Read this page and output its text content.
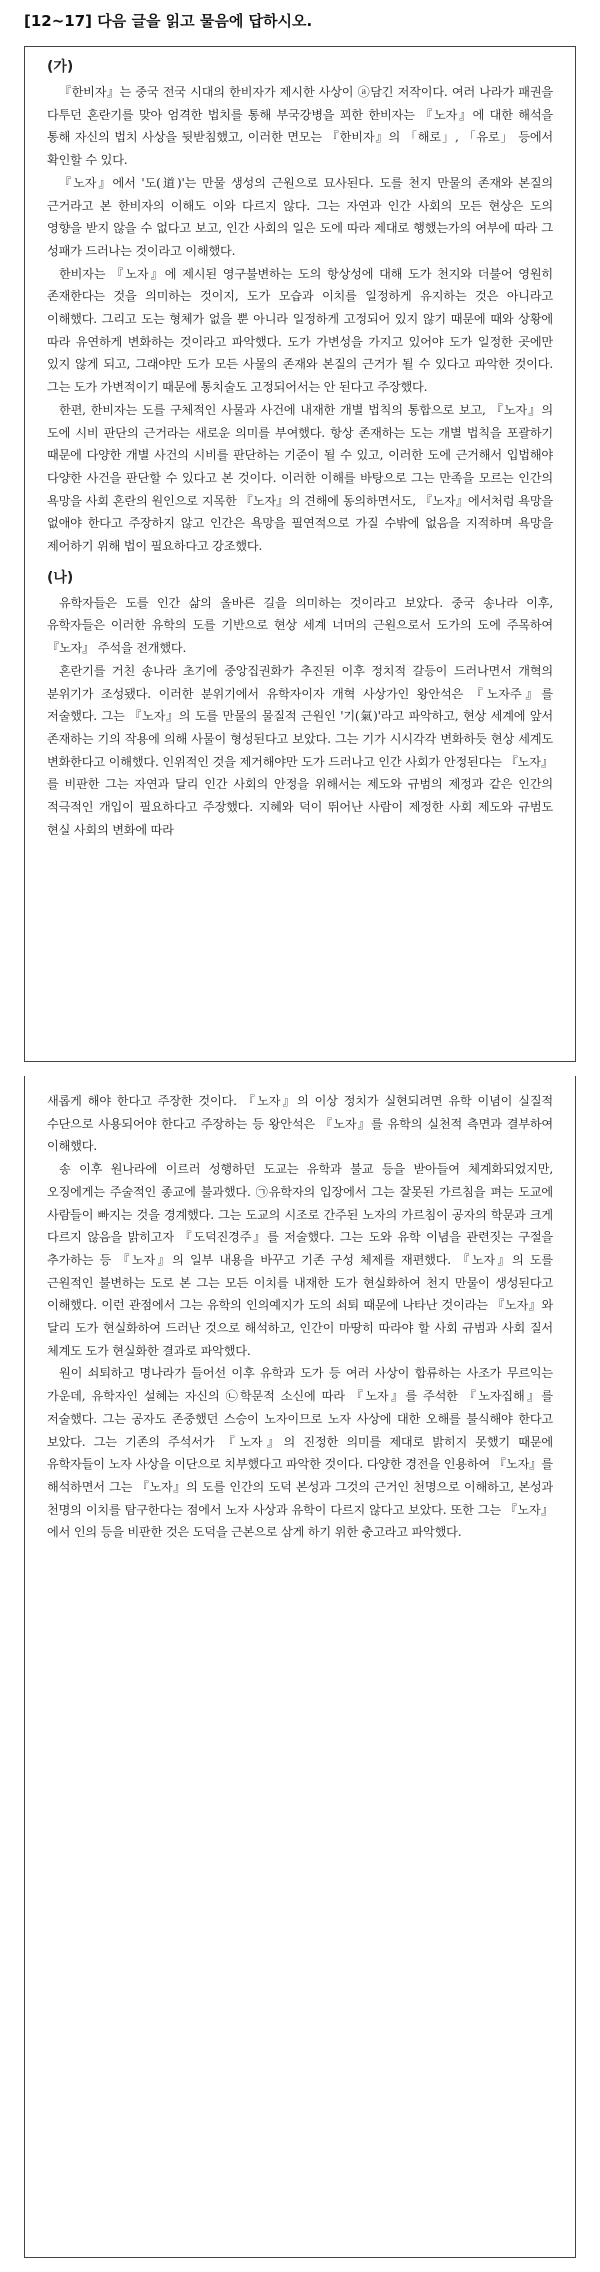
[12~17] 다음 글을 읽고 물음에 답하시오.
(가)

『한비자』는 중국 전국 시대의 한비자가 제시한 사상이 ⓐ담긴 저작이다. 여러 나라가 패권을 다투던 혼란기를 맞아 엄격한 법치를 통해 부국강병을 꾀한 한비자는 『노자』에 대한 해석을 통해 자신의 법치 사상을 뒷받침했고, 이러한 면모는 『한비자』의 「해로」, 「유로」 등에서 확인할 수 있다.

『노자』에서 '도(道)'는 만물 생성의 근원으로 묘사된다. 도를 천지 만물의 존재와 본질의 근거라고 본 한비자의 이해도 이와 다르지 않다. 그는 자연과 인간 사회의 모든 현상은 도의 영향을 받지 않을 수 없다고 보고, 인간 사회의 일은 도에 따라 제대로 행했는가의 여부에 따라 그 성패가 드러나는 것이라고 이해했다.

한비자는 『노자』에 제시된 영구불변하는 도의 항상성에 대해 도가 천지와 더불어 영원히 존재한다는 것을 의미하는 것이지, 도가 모습과 이치를 일정하게 유지하는 것은 아니라고 이해했다. 그리고 도는 형체가 없을 뿐 아니라 일정하게 고정되어 있지 않기 때문에 때와 상황에 따라 유연하게 변화하는 것이라고 파악했다. 도가 가변성을 가지고 있어야 도가 일정한 곳에만 있지 않게 되고, 그래야만 도가 모든 사물의 존재와 본질의 근거가 될 수 있다고 파악한 것이다. 그는 도가 가변적이기 때문에 통치술도 고정되어서는 안 된다고 주장했다.

한편, 한비자는 도를 구체적인 사물과 사건에 내재한 개별 법칙의 통합으로 보고, 『노자』의 도에 시비 판단의 근거라는 새로운 의미를 부여했다. 항상 존재하는 도는 개별 법칙을 포괄하기 때문에 다양한 개별 사건의 시비를 판단하는 기준이 될 수 있고, 이러한 도에 근거해서 입법해야 다양한 사건을 판단할 수 있다고 본 것이다. 이러한 이해를 바탕으로 그는 만족을 모르는 인간의 욕망을 사회 혼란의 원인으로 지목한 『노자』의 견해에 동의하면서도, 『노자』에서처럼 욕망을 없애야 한다고 주장하지 않고 인간은 욕망을 필연적으로 가질 수밖에 없음을 지적하며 욕망을 제어하기 위해 법이 필요하다고 강조했다.

(나)

유학자들은 도를 인간 삶의 올바른 길을 의미하는 것이라고 보았다. 중국 송나라 이후, 유학자들은 이러한 유학의 도를 기반으로 현상 세계 너머의 근원으로서 도가의 도에 주목하여 『노자』 주석을 전개했다.

혼란기를 거친 송나라 초기에 중앙집권화가 추진된 이후 정치적 갈등이 드러나면서 개혁의 분위기가 조성됐다. 이러한 분위기에서 유학자이자 개혁 사상가인 왕안석은 『노자주』를 저술했다. 그는 『노자』의 도를 만물의 물질적 근원인 '기(氣)'라고 파악하고, 현상 세계에 앞서 존재하는 기의 작용에 의해 사물이 형성된다고 보았다. 그는 기가 시시각각 변화하듯 현상 세계도 변화한다고 이해했다. 인위적인 것을 제거해야만 도가 드러나고 인간 사회가 안정된다는 『노자』를 비판한 그는 자연과 달리 인간 사회의 안정을 위해서는 제도와 규범의 제정과 같은 인간의 적극적인 개입이 필요하다고 주장했다. 지혜와 덕이 뛰어난 사람이 제정한 사회 제도와 규범도 현실 사회의 변화에 따라

새롭게 해야 한다고 주장한 것이다. 『노자』의 이상 정치가 실현되려면 유학 이념이 실질적 수단으로 사용되어야 한다고 주장하는 등 왕안석은 『노자』를 유학의 실천적 측면과 결부하여 이해했다.

송 이후 원나라에 이르러 성행하던 도교는 유학과 불교 등을 받아들여 체계화되었지만, 오징에게는 주술적인 종교에 불과했다. ㉠유학자의 입장에서 그는 잘못된 가르침을 펴는 도교에 사람들이 빠지는 것을 경계했다. 그는 도교의 시조로 간주된 노자의 가르침이 공자의 학문과 크게 다르지 않음을 밝히고자 『도덕진경주』를 저술했다. 그는 도와 유학 이념을 관련짓는 구절을 추가하는 등 『노자』의 일부 내용을 바꾸고 기존 구성 체제를 재편했다. 『노자』의 도를 근원적인 불변하는 도로 본 그는 모든 이치를 내재한 도가 현실화하여 천지 만물이 생성된다고 이해했다. 이런 관점에서 그는 유학의 인의예지가 도의 쇠퇴 때문에 나타난 것이라는 『노자』와 달리 도가 현실화하여 드러난 것으로 해석하고, 인간이 마땅히 따라야 할 사회 규범과 사회 질서 체계도 도가 현실화한 결과로 파악했다.

원이 쇠퇴하고 명나라가 들어선 이후 유학과 도가 등 여러 사상이 합류하는 사조가 무르익는 가운데, 유학자인 설혜는 자신의 ㉡학문적 소신에 따라 『노자』를 주석한 『노자집해』를 저술했다. 그는 공자도 존중했던 스승이 노자이므로 노자 사상에 대한 오해를 불식해야 한다고 보았다. 그는 기존의 주석서가 『노자』의 진정한 의미를 제대로 밝히지 못했기 때문에 유학자들이 노자 사상을 이단으로 치부했다고 파악한 것이다. 다양한 경전을 인용하여 『노자』를 해석하면서 그는 『노자』의 도를 인간의 도덕 본성과 그것의 근거인 천명으로 이해하고, 본성과 천명의 이치를 탐구한다는 점에서 노자 사상과 유학이 다르지 않다고 보았다. 또한 그는 『노자』에서 인의 등을 비판한 것은 도덕을 근본으로 삼게 하기 위한 충고라고 파악했다.
